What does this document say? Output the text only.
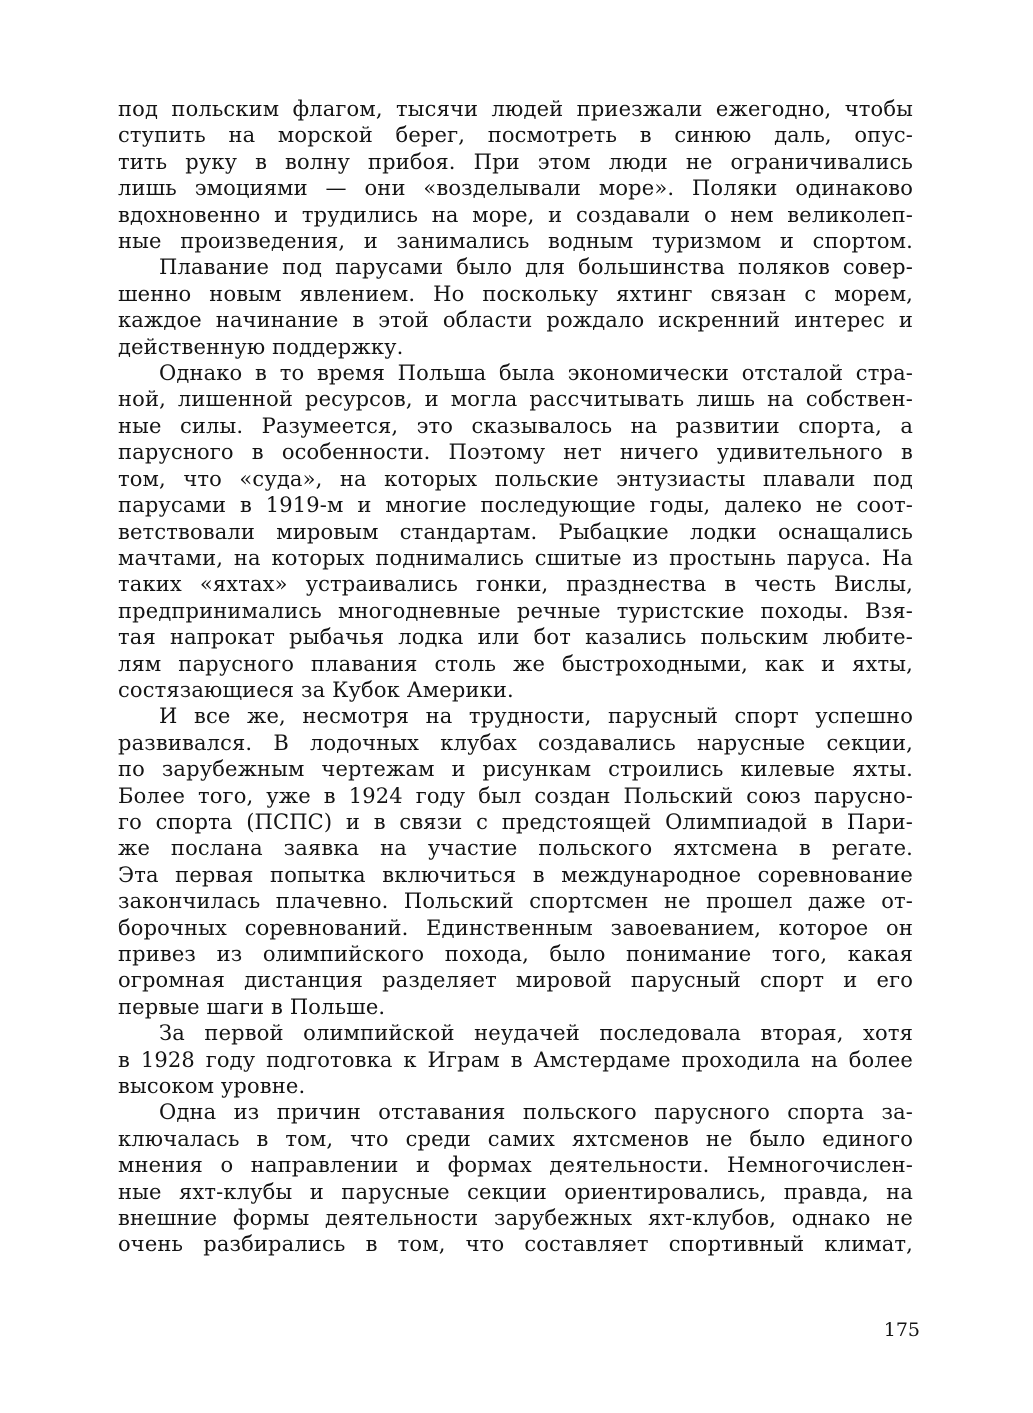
под польским флагом, тысячи людей приезжали ежегодно, чтобы
ступить на морской берег, посмотреть в синюю даль, опус-
тить руку в волну прибоя. При этом люди не ограничивались
лишь эмоциями — они «возделывали море». Поляки одинаково
вдохновенно и трудились на море, и создавали о нем великолеп-
ные произведения, и занимались водным туризмом и спортом.

Плавание под парусами было для большинства поляков совер-
шенно новым явлением. Но поскольку яхтинг связан с морем,
каждое начинание в этой области рождало искренний интерес и
действенную поддержку.

Однако в то время Польша была экономически отсталой стра-
ной, лишенной ресурсов, и могла рассчитывать лишь на собствен-
ные силы. Разумеется, это сказывалось на развитии спорта, а
парусного в особенности. Поэтому нет ничего удивительного в
том, что «суда», на которых польские энтузиасты плавали под
парусами в 1919-м и многие последующие годы, далеко не соот-
ветствовали мировым стандартам. Рыбацкие лодки оснащались
мачтами, на которых поднимались сшитые из простынь паруса. На
таких «яхтах» устраивались гонки, празднества в честь Вислы,
предпринимались многодневные речные туристские походы. Взя-
тая напрокат рыбачья лодка или бот казались польским любите-
лям парусного плавания столь же быстроходными, как и яхты,
состязающиеся за Кубок Америки.

И все же, несмотря на трудности, парусный спорт успешно
развивался. В лодочных клубах создавались нарусные секции,
по зарубежным чертежам и рисункам строились килевые яхты.
Более того, уже в 1924 году был создан Польский союз парусно-
го спорта (ПСПС) и в связи с предстоящей Олимпиадой в Пари-
же послана заявка на участие польского яхтсмена в регате.
Эта первая попытка включиться в международное соревнование
закончилась плачевно. Польский спортсмен не прошел даже от-
борочных соревнований. Единственным завоеванием, которое он
привез из олимпийского похода, было понимание того, какая
огромная дистанция разделяет мировой парусный спорт и его
первые шаги в Польше.

За первой олимпийской неудачей последовала вторая, хотя
в 1928 году подготовка к Играм в Амстердаме проходила на более
высоком уровне.

Одна из причин отставания польского парусного спорта за-
ключалась в том, что среди самих яхтсменов не было единого
мнения о направлении и формах деятельности. Немногочислен-
ные яхт-клубы и парусные секции ориентировались, правда, на
внешние формы деятельности зарубежных яхт-клубов, однако не
очень разбирались в том, что составляет спортивный климат,

175
